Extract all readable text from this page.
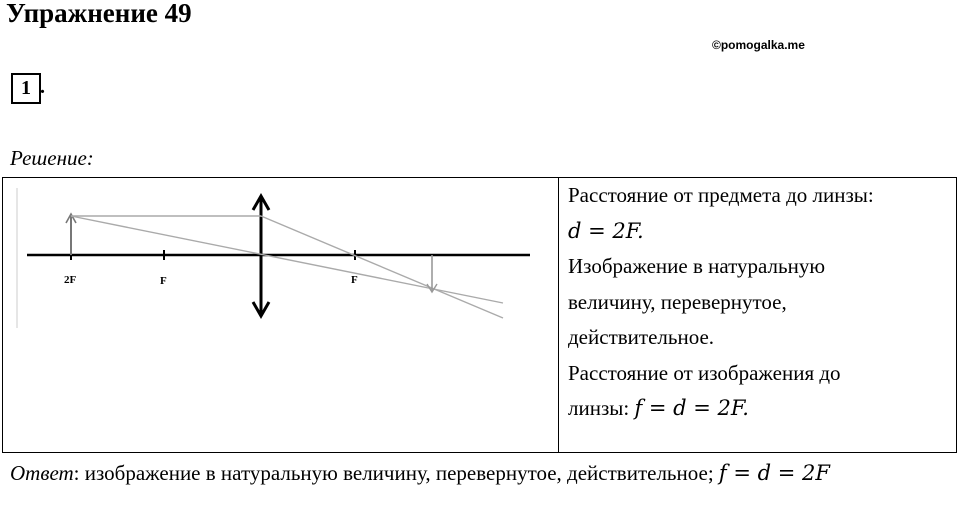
Упражнение 49
©pomogalka.me
1 .
Решение:
2F	F	F

Расстояние от предмета до линзы:

d = 2F.

Изображение в натуральную

величину, перевернутое,

действительное.

Расстояние от изображения до

линзы: f = d = 2F.

Ответ: изображение в натуральную величину, перевернутое, действительное; f = d = 2F
